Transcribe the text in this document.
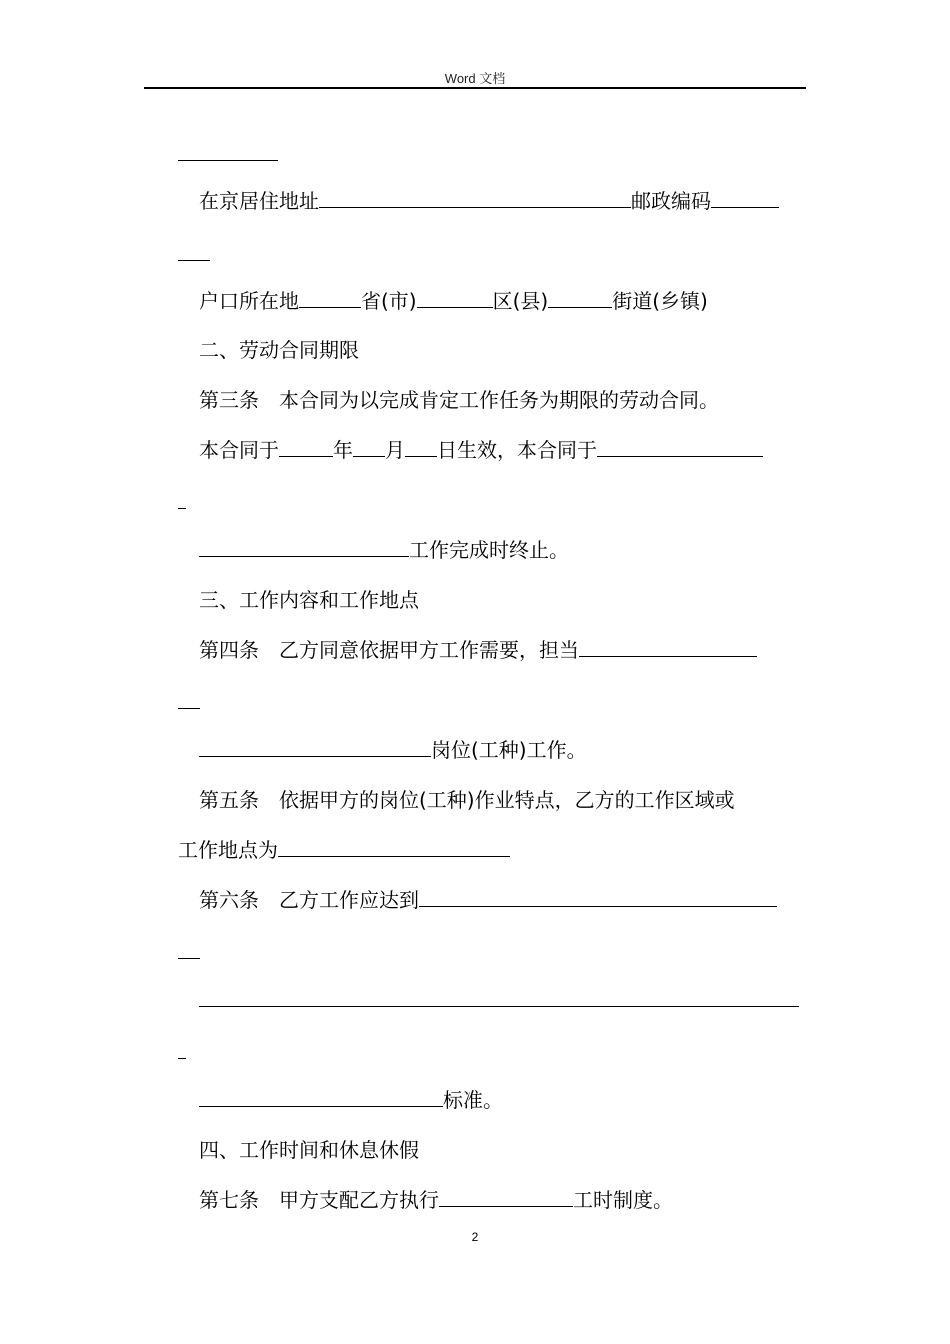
Word 文档
在京居住地址	邮政编码
户口所在地	省(市)	区(县)	街道(乡镇)
二、劳动合同期限
第三条　本合同为以完成肯定工作任务为期限的劳动合同。
本合同于	年 月 日生效，本合同于
工作完成时终止。
三、工作内容和工作地点
第四条　乙方同意依据甲方工作需要，担当
岗位(工种)工作。
第五条　依据甲方的岗位(工种)作业特点，乙方的工作区域或
工作地点为
第六条　乙方工作应达到
标准。
四、工作时间和休息休假
第七条　甲方支配乙方执行	工时制度。
2
